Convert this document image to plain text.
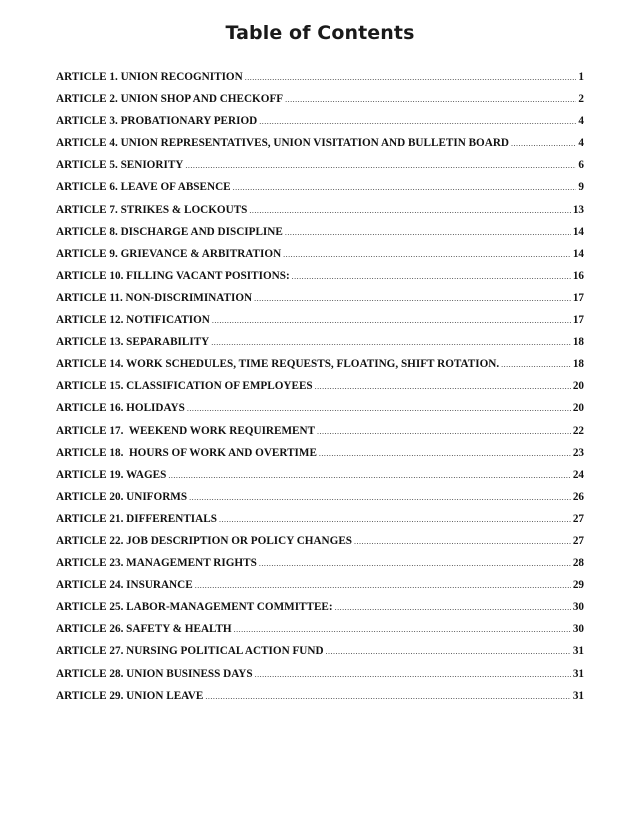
Table of Contents
ARTICLE 1. UNION RECOGNITION .....	1
ARTICLE 2. UNION SHOP AND CHECKOFF .....	2
ARTICLE 3. PROBATIONARY PERIOD .....	4
ARTICLE 4. UNION REPRESENTATIVES, UNION VISITATION AND BULLETIN BOARD .....	4
ARTICLE 5. SENIORITY .....	6
ARTICLE 6. LEAVE OF ABSENCE .....	9
ARTICLE 7. STRIKES & LOCKOUTS .....	13
ARTICLE 8. DISCHARGE AND DISCIPLINE .....	14
ARTICLE 9. GRIEVANCE & ARBITRATION .....	14
ARTICLE 10. FILLING VACANT POSITIONS: .....	16
ARTICLE 11. NON-DISCRIMINATION .....	17
ARTICLE 12. NOTIFICATION .....	17
ARTICLE 13. SEPARABILITY .....	18
ARTICLE 14. WORK SCHEDULES, TIME REQUESTS, FLOATING, SHIFT ROTATION. .....	18
ARTICLE 15. CLASSIFICATION OF EMPLOYEES .....	20
ARTICLE 16. HOLIDAYS .....	20
ARTICLE 17.  WEEKEND WORK REQUIREMENT .....	22
ARTICLE 18.  HOURS OF WORK AND OVERTIME .....	23
ARTICLE 19. WAGES .....	24
ARTICLE 20. UNIFORMS .....	26
ARTICLE 21. DIFFERENTIALS .....	27
ARTICLE 22. JOB DESCRIPTION OR POLICY CHANGES .....	27
ARTICLE 23. MANAGEMENT RIGHTS .....	28
ARTICLE 24. INSURANCE .....	29
ARTICLE 25. LABOR-MANAGEMENT COMMITTEE: .....	30
ARTICLE 26. SAFETY & HEALTH .....	30
ARTICLE 27. NURSING POLITICAL ACTION FUND .....	31
ARTICLE 28. UNION BUSINESS DAYS .....	31
ARTICLE 29. UNION LEAVE .....	31
